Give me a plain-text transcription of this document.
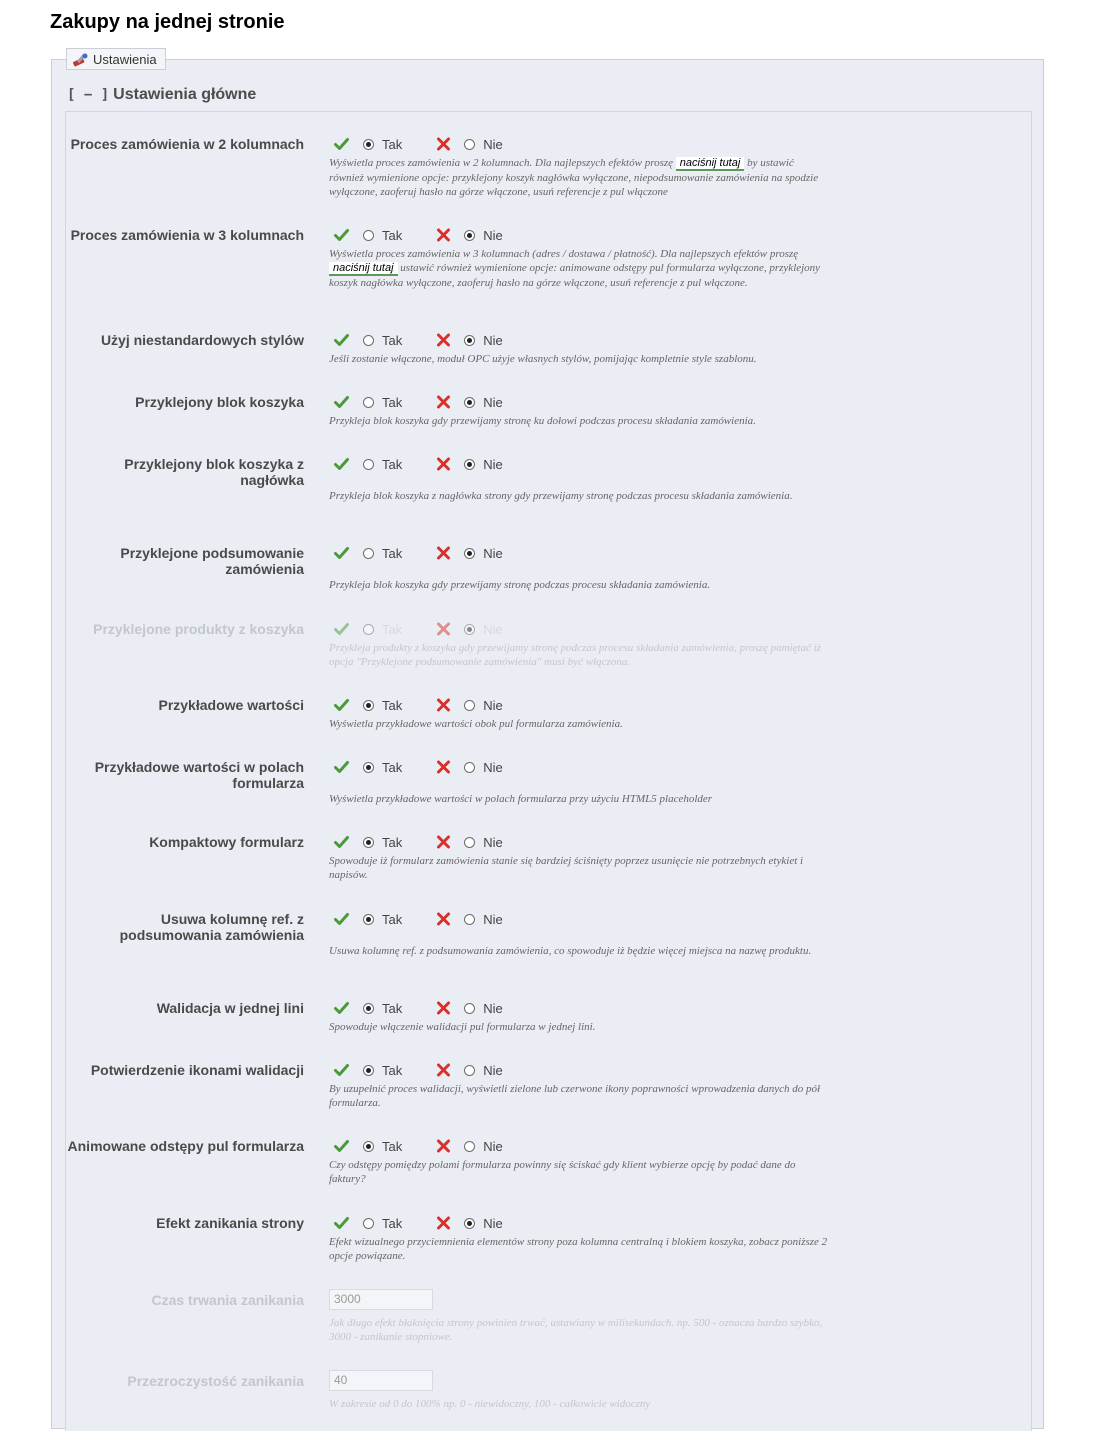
Zakupy na jednej stronie
Ustawienia
[ − ] Ustawienia główne
Proces zamówienia w 2 kolumnach	Tak	Nie
Wyświetla proces zamówienia w 2 kolumnach. Dla najlepszych efektów proszę naciśnij tutaj by ustawić również wymienione opcje: przyklejony koszyk nagłówka wyłączone, niepodsumowanie zamówienia na spodzie wyłączone, zaoferuj hasło na górze włączone, usuń referencje z pul włączone
Proces zamówienia w 3 kolumnach	Tak	Nie
Wyświetla proces zamówienia w 3 kolumnach (adres / dostawa / płatność). Dla najlepszych efektów proszę naciśnij tutaj ustawić również wymienione opcje: animowane odstępy pul formularza wyłączone, przyklejony koszyk nagłówka wyłączone, zaoferuj hasło na górze włączone, usuń referencje z pul włączone.
Użyj niestandardowych stylów	Tak	Nie
Jeśli zostanie włączone, moduł OPC użyje własnych stylów, pomijając kompletnie style szablonu.
Przyklejony blok koszyka	Tak	Nie
Przykleja blok koszyka gdy przewijamy stronę ku dołowi podczas procesu składania zamówienia.
Przyklejony blok koszyka z nagłówka
Tak	Nie
Przykleja blok koszyka z nagłówka strony gdy przewijamy stronę podczas procesu składania zamówienia.
Przyklejone podsumowanie zamówienia
Tak	Nie
Przykleja blok koszyka gdy przewijamy stronę podczas procesu składania zamówienia.
Przyklejone produkty z koszyka	Tak	Nie
Przykleja produkty z koszyka gdy przewijamy stronę podczas procesu składania zamówienia, proszę pamiętać iż opcja "Przyklejone podsumowanie zamówienia" musi być włączona.
Przykładowe wartości	Tak	Nie
Wyświetla przykładowe wartości obok pul formularza zamówienia.
Przykładowe wartości w polach formularza
Tak	Nie
Wyświetla przykładowe wartości w polach formularza przy użyciu HTML5 placeholder
Kompaktowy formularz	Tak	Nie
Spowoduje iż formularz zamówienia stanie się bardziej ściśnięty poprzez usunięcie nie potrzebnych etykiet i napisów.
Usuwa kolumnę ref. z podsumowania zamówienia
Tak	Nie
Usuwa kolumnę ref. z podsumowania zamówienia, co spowoduje iż będzie więcej miejsca na nazwę produktu.
Walidacja w jednej lini	Tak	Nie
Spowoduje włączenie walidacji pul formularza w jednej lini.
Potwierdzenie ikonami walidacji	Tak	Nie
By uzupełnić proces walidacji, wyświetli zielone lub czerwone ikony poprawności wprowadzenia danych do pół formularza.
Animowane odstępy pul formularza	Tak	Nie
Czy odstępy pomiędzy polami formularza powinny się ściskać gdy klient wybierze opcję by podać dane do faktury?
Efekt zanikania strony	Tak	Nie
Efekt wizualnego przyciemnienia elementów strony poza kolumna centralną i blokiem koszyka, zobacz poniższe 2 opcje powiązane.
Czas trwania zanikania	3000
Jak długo efekt błaknięcia strony powinien trwać, ustawiany w milisekundach. np. 500 - oznacza bardzo szybko, 3000 - zanikanie stopniowe.
Przezroczystość zanikania	40
W zakresie od 0 do 100% np. 0 - niewidoczny, 100 - całkowicie widoczny
